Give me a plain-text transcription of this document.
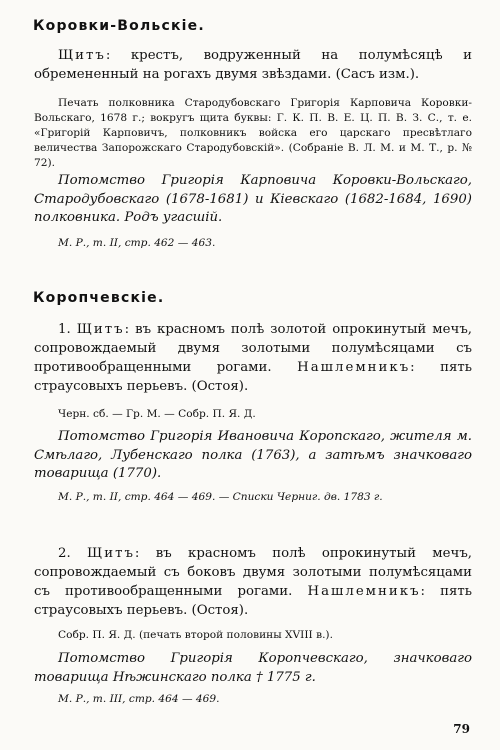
Коровки-Вольскiе.
Щитъ: крестъ, водруженный на полумѣсяцѣ и обремененный на рогахъ двумя звѣздами. (Сасъ изм.).
Печать полковника Стародубовскаго Григорiя Карповича Коровки-Вольскаго, 1678 г.; вокругъ щита буквы: Г. К. П. В. Е. Ц. П. В. З. С., т. е. «Григорiй Карповичъ, полковникъ войска его царскаго пресвѣтлаго величества Запорожскаго Стародубовскiй». (Собранiе В. Л. М. и М. Т., р. № 72).
Потомство Григорiя Карповича Коровки-Вольскаго, Стародубовскаго (1678-1681) и Кiевскаго (1682-1684, 1690) полковника. Родъ угасшiй.
М. Р., т. II, стр. 462 — 463.
Коропчевскiе.
1. Щитъ: въ красномъ полѣ золотой опрокинутый мечъ, сопровождаемый двумя золотыми полумѣсяцами съ противообращенными рогами. Нашлемникъ: пять страусовыхъ перьевъ. (Остоя).
Черн. сб. — Гр. М. — Собр. П. Я. Д.
Потомство Григорiя Ивановича Коропскаго, жителя м. Смѣлаго, Лубенскаго полка (1763), а затѣмъ значковаго товарища (1770).
М. Р., т. II, стр. 464 — 469. — Списки Черниг. дв. 1783 г.
2. Щитъ: въ красномъ полѣ опрокинутый мечъ, сопровождаемый съ боковъ двумя золотыми полумѣсяцами съ противообращенными рогами. Нашлемникъ: пять страусовыхъ перьевъ. (Остоя).
Собр. П. Я. Д. (печать второй половины XVIII в.).
Потомство Григорiя Коропчевскаго, значковаго товарища Нѣжинскаго полка † 1775 г.
М. Р., т. III, стр. 464 — 469.
79
